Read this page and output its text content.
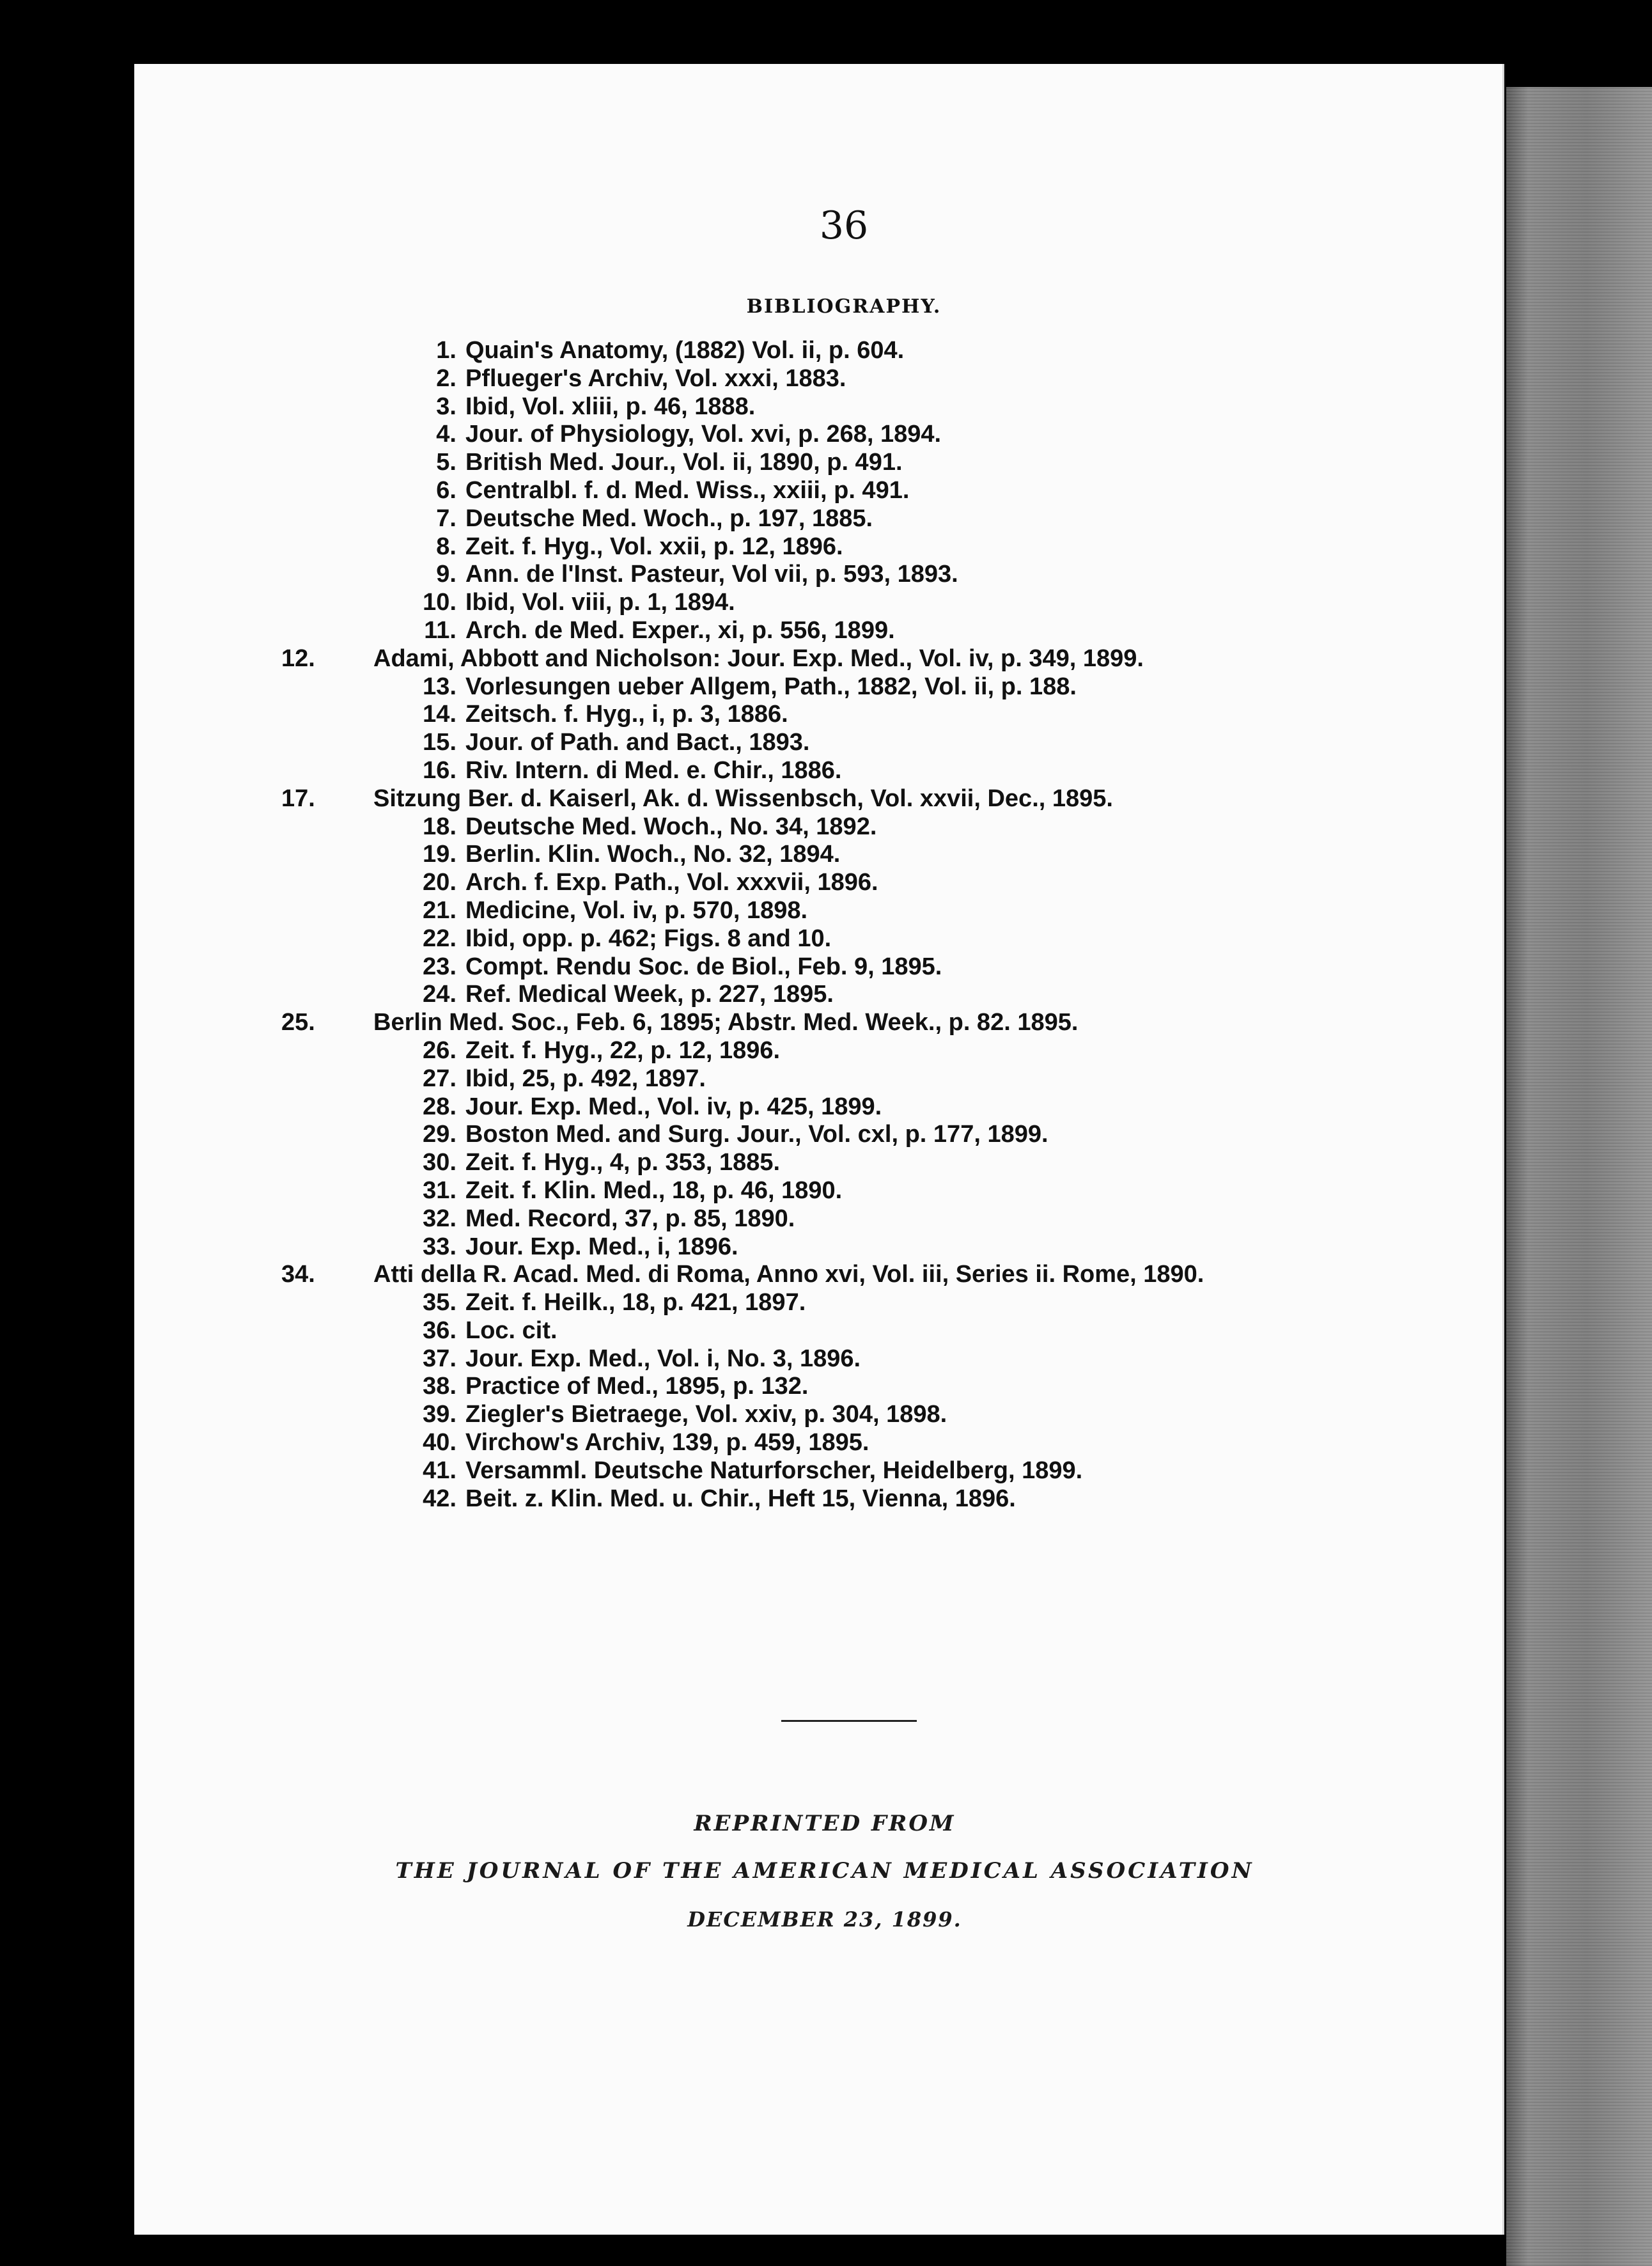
36
BIBLIOGRAPHY.
1. Quain's Anatomy, (1882) Vol. ii, p. 604.
2. Pflueger's Archiv, Vol. xxxi, 1883.
3. Ibid, Vol. xliii, p. 46, 1888.
4. Jour. of Physiology, Vol. xvi, p. 268, 1894.
5. British Med. Jour., Vol. ii, 1890, p. 491.
6. Centralbl. f. d. Med. Wiss., xxiii, p. 491.
7. Deutsche Med. Woch., p. 197, 1885.
8. Zeit. f. Hyg., Vol. xxii, p. 12, 1896.
9. Ann. de l'Inst. Pasteur, Vol vii, p. 593, 1893.
10. Ibid, Vol. viii, p. 1, 1894.
11. Arch. de Med. Exper., xi, p. 556, 1899.
12. Adami, Abbott and Nicholson: Jour. Exp. Med., Vol. iv, p. 349, 1899.
13. Vorlesungen ueber Allgem, Path., 1882, Vol. ii, p. 188.
14. Zeitsch. f. Hyg., i, p. 3, 1886.
15. Jour. of Path. and Bact., 1893.
16. Riv. Intern. di Med. e. Chir., 1886.
17. Sitzung Ber. d. Kaiserl, Ak. d. Wissenbsch, Vol. xxvii, Dec., 1895.
18. Deutsche Med. Woch., No. 34, 1892.
19. Berlin. Klin. Woch., No. 32, 1894.
20. Arch. f. Exp. Path., Vol. xxxvii, 1896.
21. Medicine, Vol. iv, p. 570, 1898.
22. Ibid, opp. p. 462; Figs. 8 and 10.
23. Compt. Rendu Soc. de Biol., Feb. 9, 1895.
24. Ref. Medical Week, p. 227, 1895.
25. Berlin Med. Soc., Feb. 6, 1895; Abstr. Med. Week., p. 82. 1895.
26. Zeit. f. Hyg., 22, p. 12, 1896.
27. Ibid, 25, p. 492, 1897.
28. Jour. Exp. Med., Vol. iv, p. 425, 1899.
29. Boston Med. and Surg. Jour., Vol. cxl, p. 177, 1899.
30. Zeit. f. Hyg., 4, p. 353, 1885.
31. Zeit. f. Klin. Med., 18, p. 46, 1890.
32. Med. Record, 37, p. 85, 1890.
33. Jour. Exp. Med., i, 1896.
34. Atti della R. Acad. Med. di Roma, Anno xvi, Vol. iii, Series ii. Rome, 1890.
35. Zeit. f. Heilk., 18, p. 421, 1897.
36. Loc. cit.
37. Jour. Exp. Med., Vol. i, No. 3, 1896.
38. Practice of Med., 1895, p. 132.
39. Ziegler's Bietraege, Vol. xxiv, p. 304, 1898.
40. Virchow's Archiv, 139, p. 459, 1895.
41. Versamml. Deutsche Naturforscher, Heidelberg, 1899.
42. Beit. z. Klin. Med. u. Chir., Heft 15, Vienna, 1896.
REPRINTED FROM
THE JOURNAL OF THE AMERICAN MEDICAL ASSOCIATION
DECEMBER 23, 1899.
